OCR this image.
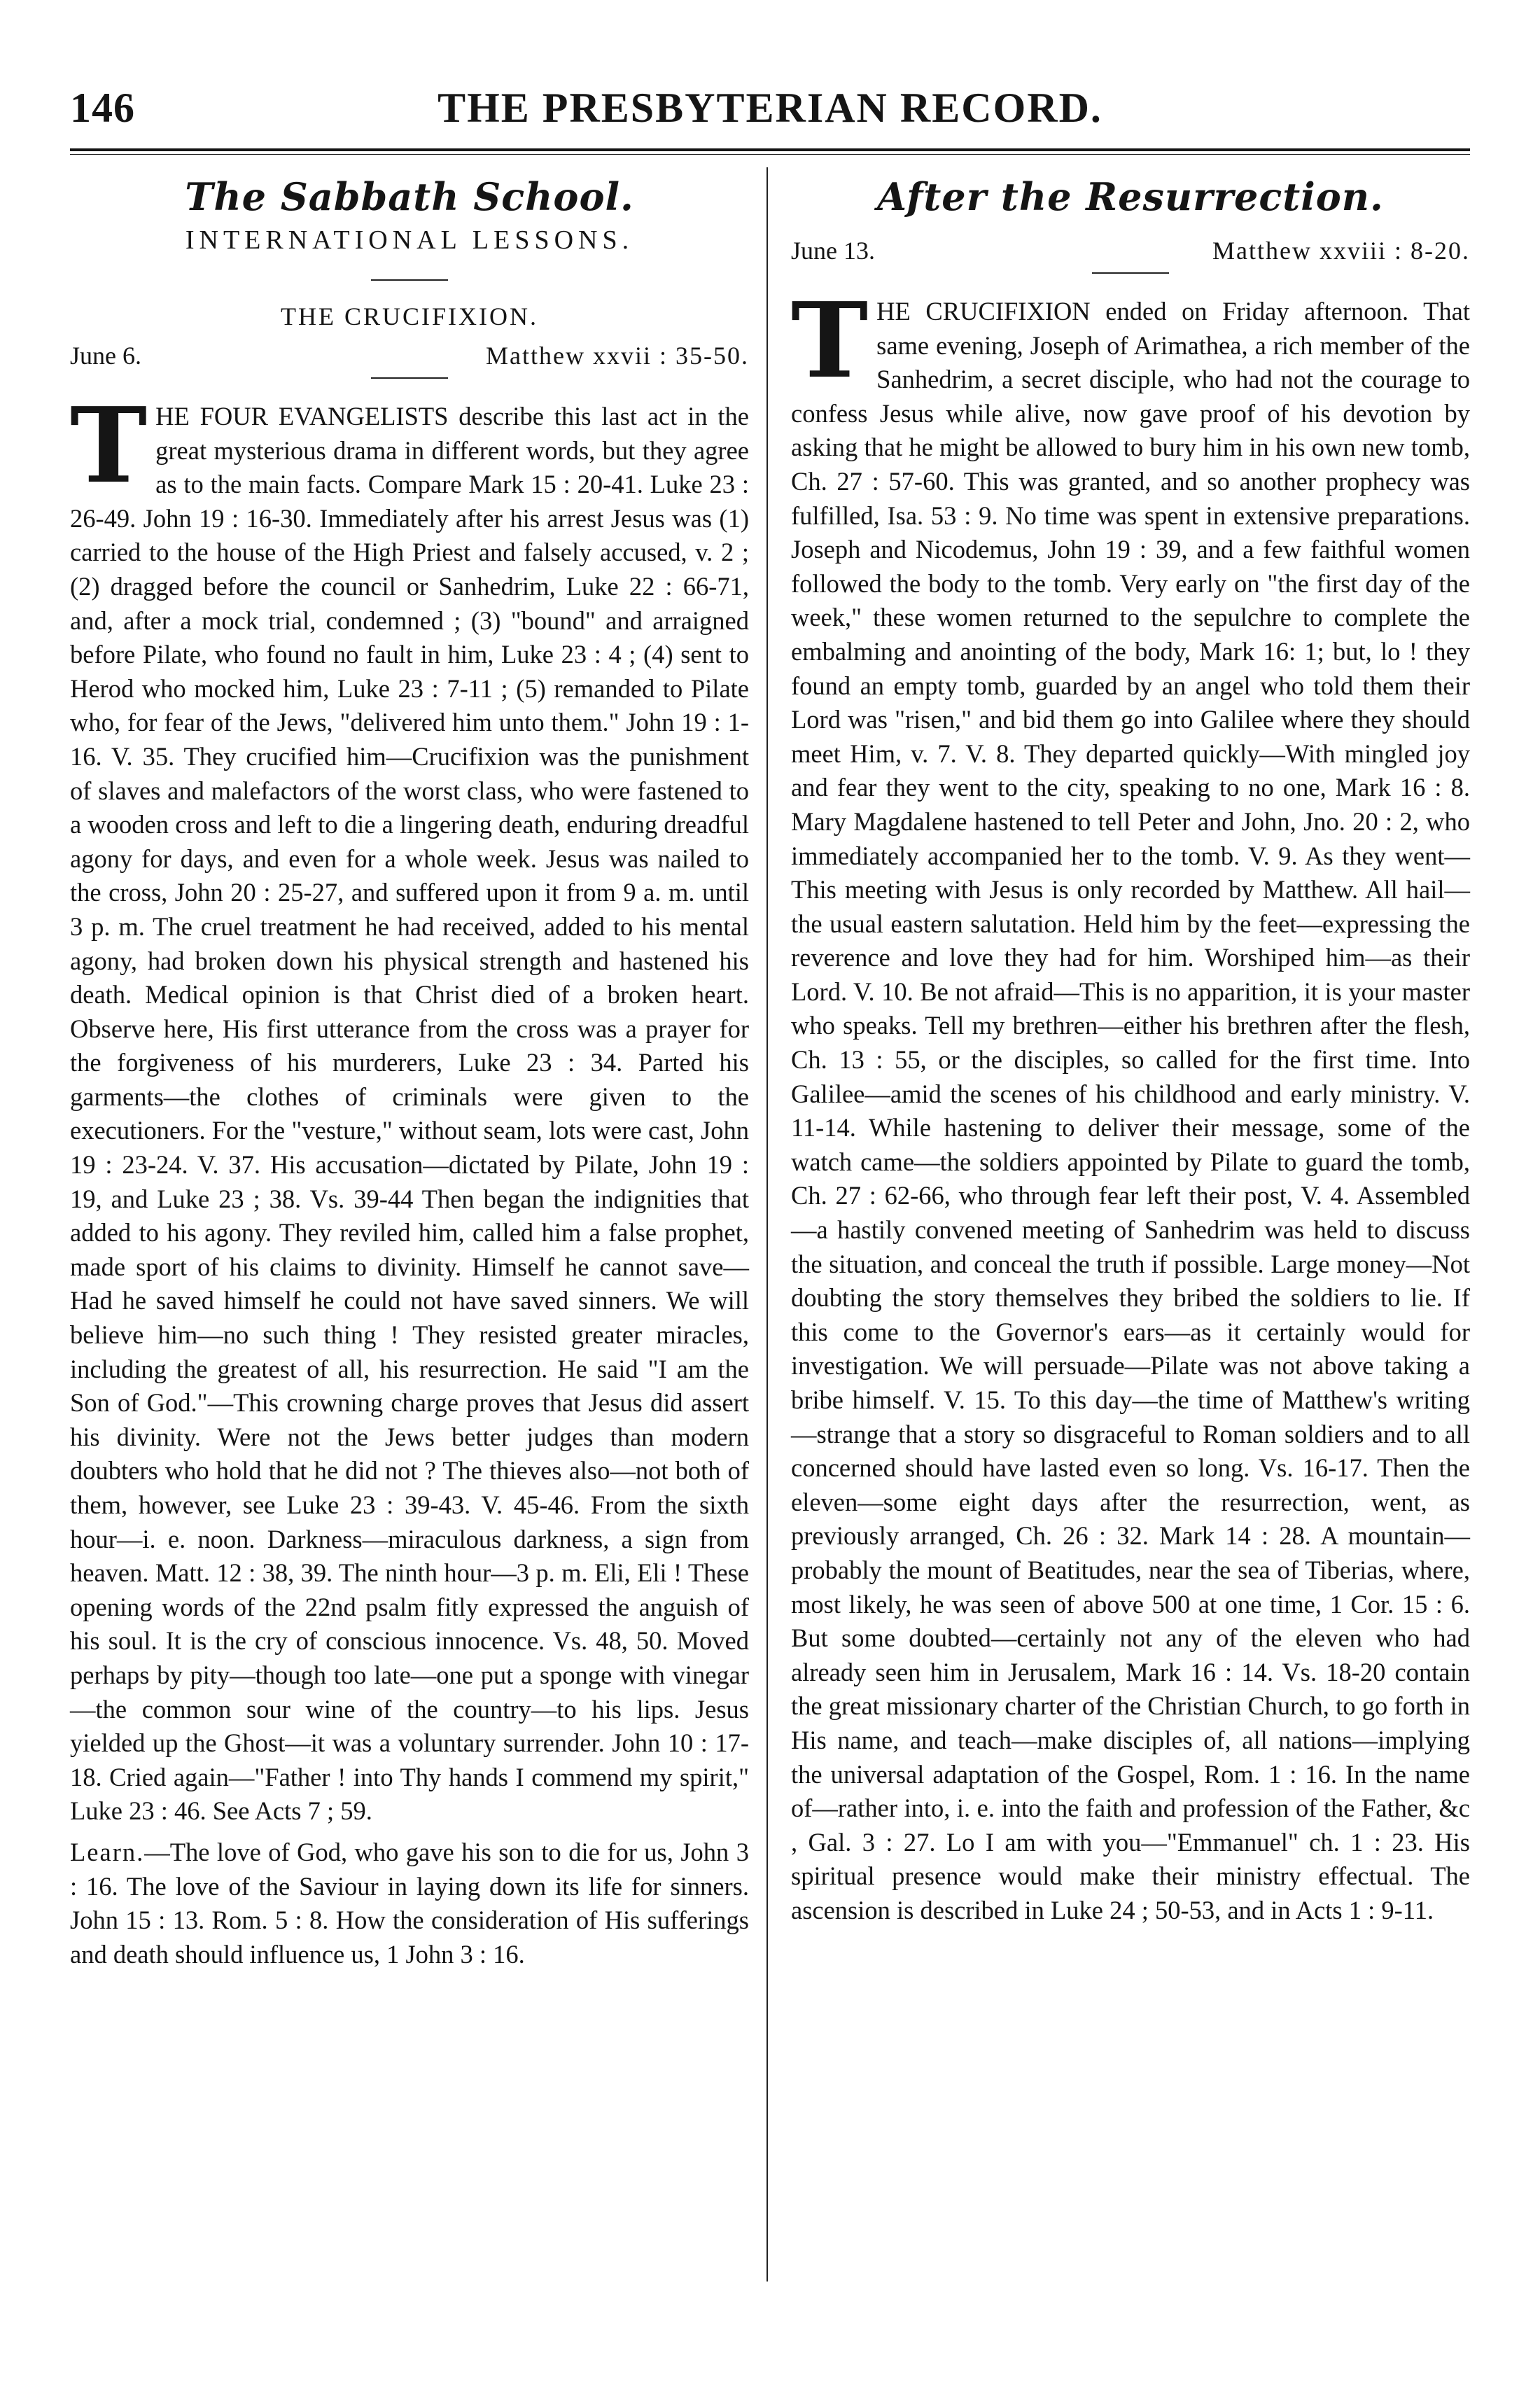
146	THE PRESBYTERIAN RECORD.
The Sabbath School.
INTERNATIONAL LESSONS.
THE CRUCIFIXION.
June 6.	Matthew xxvii : 35-50.

THE FOUR EVANGELISTS describe this last act in the great mysterious drama in different words, but they agree as to the main facts. Compare Mark 15 : 20-41. Luke 23 : 26-49. John 19 : 16-30. Immediately after his arrest Jesus was (1) carried to the house of the High Priest and falsely accused, v. 2 ; (2) dragged before the council or Sanhedrim, Luke 22 : 66-71, and, after a mock trial, condemned ; (3) "bound" and arraigned before Pilate, who found no fault in him, Luke 23 : 4 ; (4) sent to Herod who mocked him, Luke 23 : 7-11 ; (5) remanded to Pilate who, for fear of the Jews, "delivered him unto them." John 19 : 1-16. V. 35. They crucified him—Crucifixion was the punishment of slaves and malefactors of the worst class, who were fastened to a wooden cross and left to die a lingering death, enduring dreadful agony for days, and even for a whole week. Jesus was nailed to the cross, John 20 : 25-27, and suffered upon it from 9 a. m. until 3 p. m. The cruel treatment he had received, added to his mental agony, had broken down his physical strength and hastened his death. Medical opinion is that Christ died of a broken heart. Observe here, His first utterance from the cross was a prayer for the forgiveness of his murderers, Luke 23 : 34. Parted his garments—the clothes of criminals were given to the executioners. For the "vesture," without seam, lots were cast, John 19 : 23-24. V. 37. His accusation—dictated by Pilate, John 19 : 19, and Luke 23 ; 38. Vs. 39-44 Then began the indignities that added to his agony. They reviled him, called him a false prophet, made sport of his claims to divinity. Himself he cannot save—Had he saved himself he could not have saved sinners. We will believe him—no such thing ! They resisted greater miracles, including the greatest of all, his resurrection. He said "I am the Son of God."—This crowning charge proves that Jesus did assert his divinity. Were not the Jews better judges than modern doubters who hold that he did not ? The thieves also—not both of them, however, see Luke 23 : 39-43. V. 45-46. From the sixth hour—i. e. noon. Darkness—miraculous darkness, a sign from heaven. Matt. 12 : 38, 39. The ninth hour—3 p. m. Eli, Eli ! These opening words of the 22nd psalm fitly expressed the anguish of his soul. It is the cry of conscious innocence. Vs. 48, 50. Moved perhaps by pity—though too late—one put a sponge with vinegar—the common sour wine of the country—to his lips. Jesus yielded up the Ghost—it was a voluntary surrender. John 10 : 17-18. Cried again—"Father ! into Thy hands I commend my spirit," Luke 23 : 46. See Acts 7 ; 59.

Learn.—The love of God, who gave his son to die for us, John 3 : 16. The love of the Saviour in laying down its life for sinners. John 15 : 13. Rom. 5 : 8. How the consideration of His sufferings and death should influence us, 1 John 3 : 16.

After the Resurrection.
June 13.	Matthew xxviii : 8-20.

THE CRUCIFIXION ended on Friday afternoon. That same evening, Joseph of Arimathea, a rich member of the Sanhedrim, a secret disciple, who had not the courage to confess Jesus while alive, now gave proof of his devotion by asking that he might be allowed to bury him in his own new tomb, Ch. 27 : 57-60. This was granted, and so another prophecy was fulfilled, Isa. 53 : 9. No time was spent in extensive preparations. Joseph and Nicodemus, John 19 : 39, and a few faithful women followed the body to the tomb. Very early on "the first day of the week," these women returned to the sepulchre to complete the embalming and anointing of the body, Mark 16: 1; but, lo ! they found an empty tomb, guarded by an angel who told them their Lord was "risen," and bid them go into Galilee where they should meet Him, v. 7. V. 8. They departed quickly—With mingled joy and fear they went to the city, speaking to no one, Mark 16 : 8. Mary Magdalene hastened to tell Peter and John, Jno. 20 : 2, who immediately accompanied her to the tomb. V. 9. As they went—This meeting with Jesus is only recorded by Matthew. All hail—the usual eastern salutation. Held him by the feet—expressing the reverence and love they had for him. Worshiped him—as their Lord. V. 10. Be not afraid—This is no apparition, it is your master who speaks. Tell my brethren—either his brethren after the flesh, Ch. 13 : 55, or the disciples, so called for the first time. Into Galilee—amid the scenes of his childhood and early ministry. V. 11-14. While hastening to deliver their message, some of the watch came—the soldiers appointed by Pilate to guard the tomb, Ch. 27 : 62-66, who through fear left their post, V. 4. Assembled—a hastily convened meeting of Sanhedrim was held to discuss the situation, and conceal the truth if possible. Large money—Not doubting the story themselves they bribed the soldiers to lie. If this come to the Governor's ears—as it certainly would for investigation. We will persuade—Pilate was not above taking a bribe himself. V. 15. To this day—the time of Matthew's writing—strange that a story so disgraceful to Roman soldiers and to all concerned should have lasted even so long. Vs. 16-17. Then the eleven—some eight days after the resurrection, went, as previously arranged, Ch. 26 : 32. Mark 14 : 28. A mountain—probably the mount of Beatitudes, near the sea of Tiberias, where, most likely, he was seen of above 500 at one time, 1 Cor. 15 : 6. But some doubted—certainly not any of the eleven who had already seen him in Jerusalem, Mark 16 : 14. Vs. 18-20 contain the great missionary charter of the Christian Church, to go forth in His name, and teach—make disciples of, all nations—implying the universal adaptation of the Gospel, Rom. 1 : 16. In the name of—rather into, i. e. into the faith and profession of the Father, &c , Gal. 3 : 27. Lo I am with you—"Emmanuel" ch. 1 : 23. His spiritual presence would make their ministry effectual. The ascension is described in Luke 24 ; 50-53, and in Acts 1 : 9-11.
